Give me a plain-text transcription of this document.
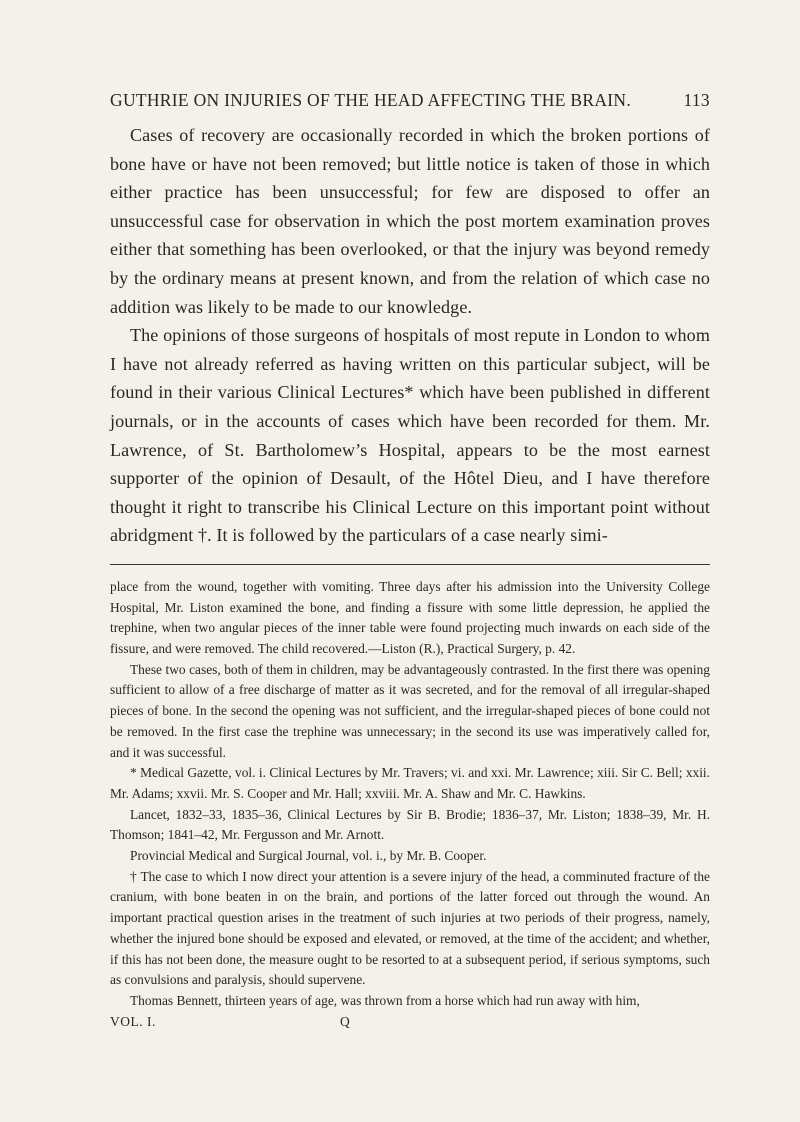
GUTHRIE ON INJURIES OF THE HEAD AFFECTING THE BRAIN.	113

Cases of recovery are occasionally recorded in which the broken portions of bone have or have not been removed; but little notice is taken of those in which either practice has been unsuccessful; for few are disposed to offer an unsuccessful case for observation in which the post mortem examination proves either that something has been overlooked, or that the injury was beyond remedy by the ordinary means at present known, and from the relation of which case no addition was likely to be made to our knowledge.

The opinions of those surgeons of hospitals of most repute in London to whom I have not already referred as having written on this particular subject, will be found in their various Clinical Lectures* which have been published in different journals, or in the accounts of cases which have been recorded for them. Mr. Lawrence, of St. Bartholomew’s Hospital, appears to be the most earnest supporter of the opinion of Desault, of the Hôtel Dieu, and I have therefore thought it right to transcribe his Clinical Lecture on this important point without abridgment †. It is followed by the particulars of a case nearly simi-

place from the wound, together with vomiting. Three days after his admission into the University College Hospital, Mr. Liston examined the bone, and finding a fissure with some little depression, he applied the trephine, when two angular pieces of the inner table were found projecting much inwards on each side of the fissure, and were removed. The child recovered.—Liston (R.), Practical Surgery, p. 42.

These two cases, both of them in children, may be advantageously contrasted. In the first there was opening sufficient to allow of a free discharge of matter as it was secreted, and for the removal of all irregular-shaped pieces of bone. In the second the opening was not sufficient, and the irregular-shaped pieces of bone could not be removed. In the first case the trephine was unnecessary; in the second its use was imperatively called for, and it was successful.

* Medical Gazette, vol. i. Clinical Lectures by Mr. Travers; vi. and xxi. Mr. Lawrence; xiii. Sir C. Bell; xxii. Mr. Adams; xxvii. Mr. S. Cooper and Mr. Hall; xxviii. Mr. A. Shaw and Mr. C. Hawkins.

Lancet, 1832–33, 1835–36, Clinical Lectures by Sir B. Brodie; 1836–37, Mr. Liston; 1838–39, Mr. H. Thomson; 1841–42, Mr. Fergusson and Mr. Arnott.

Provincial Medical and Surgical Journal, vol. i., by Mr. B. Cooper.

† The case to which I now direct your attention is a severe injury of the head, a comminuted fracture of the cranium, with bone beaten in on the brain, and portions of the latter forced out through the wound. An important practical question arises in the treatment of such injuries at two periods of their progress, namely, whether the injured bone should be exposed and elevated, or removed, at the time of the accident; and whether, if this has not been done, the measure ought to be resorted to at a subsequent period, if serious symptoms, such as convulsions and paralysis, should supervene.

Thomas Bennett, thirteen years of age, was thrown from a horse which had run away with him,

VOL. I.	Q
